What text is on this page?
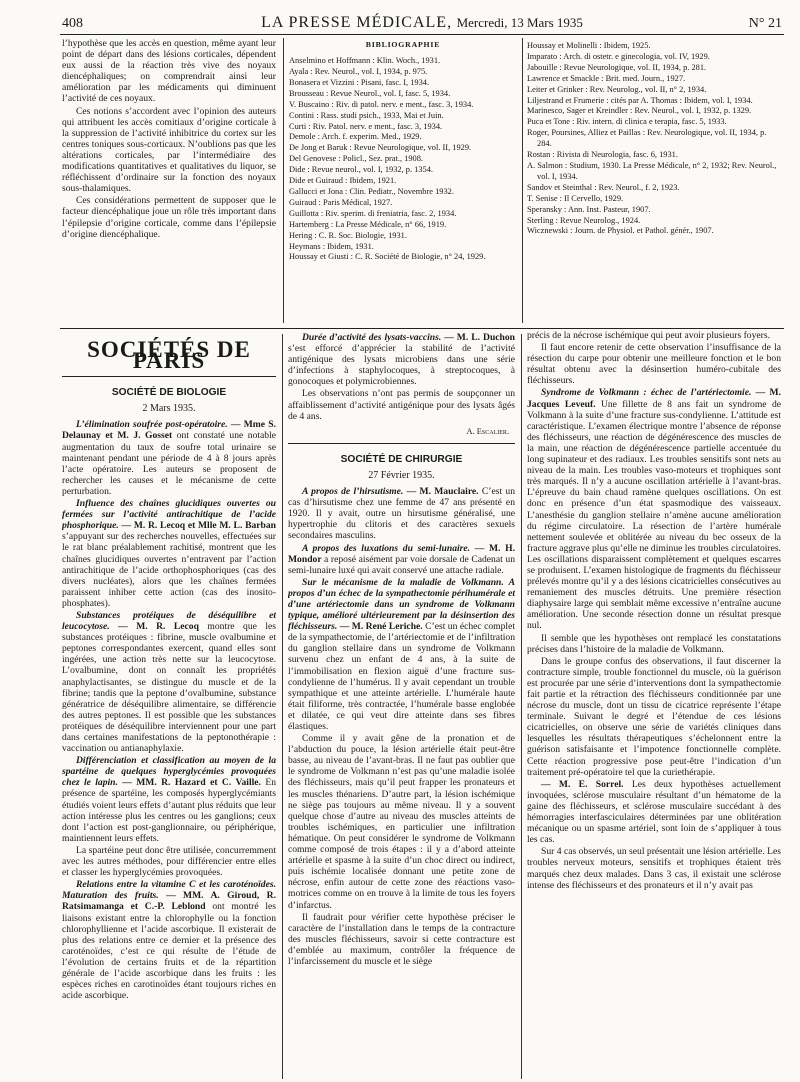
408	LA PRESSE MÉDICALE, Mercredi, 13 Mars 1935	N° 21

l’hypothèse que les accès en question, même ayant leur point de départ dans des lésions corticales, dépendent eux aussi de la réaction très vive des noyaux diencéphaliques; on comprendrait ainsi leur amélioration par les médicaments qui diminuent l’activité de ces noyaux.

Ces notions s’accordent avec l’opinion des auteurs qui attribuent les accès comitiaux d’origine corticale à la suppression de l’activité inhibitrice du cortex sur les centres toniques sous-corticaux. N’oublions pas que les altérations corticales, par l’intermédiaire des modifications quantitatives et qualitatives du liquor, se réfléchissent d’ordinaire sur la fonction des noyaux sous-thalamiques.

Ces considérations permettent de supposer que le facteur diencéphalique joue un rôle très important dans l’épilepsie d’origine corticale, comme dans l’épilepsie d’origine diencéphalique.

BIBLIOGRAPHIE
Anselmino et Hoffmann : Klin. Woch., 1931.
Ayala : Rev. Neurol., vol. I, 1934, p. 975.
Bonasera et Vizzini : Pisani, fasc. I, 1934.
Brousseau : Revue Neurol., vol. I, fasc. 5, 1934.
V. Buscaino : Riv. di patol. nerv. e ment., fasc. 3, 1934.
Contini : Rass. studi psich., 1933, Mai et Juin.
Curti : Riv. Patol. nerv. e ment., fasc. 3, 1934.
Demole : Arch. f. experim. Med., 1929.
De Jong et Baruk : Revue Neurologique, vol. II, 1929.
Del Genovese : Policl., Sez. prat., 1908.
Dide : Revue neurol., vol. I, 1932, p. 1354.
Dide et Guiraud : Ibidem, 1921.
Gallucci et Jona : Clin. Pediatr., Novembre 1932.
Guiraud : Paris Médical, 1927.
Guillotta : Riv. sperim. di freniatria, fasc. 2, 1934.
Hartemberg : La Presse Médicale, n° 66, 1919.
Hering : C. R. Soc. Biologie, 1931.
Heymans : Ibidem, 1931.
Houssay et Giusti : C. R. Société de Biologie, n° 24, 1929.
Houssay et Molinelli : Ibidem, 1925.
Imparato : Arch. di ostetr. e ginecologia, vol. IV, 1929.
Jabouille : Revue Neurologique, vol. II, 1934, p. 281.
Lawrence et Smackle : Brit. med. Journ., 1927.
Leiter et Grinker : Rev. Neurolog., vol. II, n° 2, 1934.
Liljestrand et Frumerie : cités par A. Thomas : Ibidem, vol. I, 1934.
Marinesco, Sager et Kreindler : Rev. Neurol., vol. I, 1932, p. 1329.
Puca et Tone : Riv. intern. di clinica e terapia, fasc. 5, 1933.
Roger, Poursines, Alliez et Paillas : Rev. Neurologique, vol. II, 1934, p. 284.
Rostan : Rivista di Neurologia, fasc. 6, 1931.
A. Salmon : Studium, 1930. La Presse Médicale, n° 2, 1932; Rev. Neurol., vol. I, 1934.
Sandov et Steinthal : Rev. Neurol., f. 2, 1923.
T. Senise : Il Cervello, 1929.
Speransky : Ann. Inst. Pasteur, 1907.
Sterling : Revue Neurolog., 1924.
Wicznewski : Journ. de Physiol. et Pathol. génér., 1907.
SOCIÉTÉS DE PARIS
SOCIÉTÉ DE BIOLOGIE
2 Mars 1935.

L’élimination soufrée post-opératoire. — Mme S. Delaunay et M. J. Gosset ont constaté une notable augmentation du taux de soufre total urinaire se maintenant pendant une période de 4 à 8 jours après l’acte opératoire. Les auteurs se proposent de rechercher les causes et le mécanisme de cette perturbation.

Influence des chaînes glucidiques ouvertes ou fermées sur l’activité antirachitique de l’acide phosphorique. — M. R. Lecoq et Mlle M. L. Barban s’appuyant sur des recherches nouvelles, effectuées sur le rat blanc préalablement rachitisé, montrent que les chaînes glucidiques ouvertes n’entravent par l’action antirachitique de l’acide orthophosphoriques (cas des divers nucléates), alors que les chaînes fermées paraissent inhiber cette action (cas des inosito-phosphates).

Substances protéiques de déséquilibre et leucocytose. — M. R. Lecoq montre que les substances protéiques : fibrine, muscle ovalbumine et peptones correspondantes exercent, quand elles sont ingérées, une action très nette sur la leucocytose. L’ovalbumine, dont on connaît les propriétés anaphylactisantes, se distingue du muscle et de la fibrine; tandis que la peptone d’ovalbumine, substance génératrice de déséquilibre alimentaire, se différencie des autres peptones. Il est possible que les substances protéiques de déséquilibre interviennent pour une part dans certaines manifestations de la peptonothérapie : vaccination ou antianaphylaxie.

Différenciation et classification au moyen de la spartéine de quelques hyperglycémies provoquées chez le lapin. — MM. R. Hazard et C. Vaille. En présence de spartéine, les composés hyperglycémiants étudiés voient leurs effets d’autant plus réduits que leur action intéresse plus les centres ou les ganglions; ceux dont l’action est post-ganglionnaire, ou périphérique, maintiennent leurs effets.

La spartéine peut donc être utilisée, concurremment avec les autres méthodes, pour différencier entre elles et classer les hyperglycémies provoquées.

Relations entre la vitamine C et les caroténoïdes. Maturation des fruits. — MM. A. Giroud, R. Ratsimamanga et C.-P. Leblond ont montré les liaisons existant entre la chlorophylle ou la fonction chlorophyllienne et l’acide ascorbique. Il existerait de plus des relations entre ce dernier et la présence des caroténoïdes, c’est ce qui résulte de l’étude de l’évolution de certains fruits et de la répartition générale de l’acide ascorbique dans les fruits : les espèces riches en carotinoïdes étant toujours riches en acide ascorbique.

Durée d’activité des lysats-vaccins. — M. L. Duchon s’est efforcé d’apprécier la stabilité de l’activité antigénique des lysats microbiens dans une série d’infections à staphylocoques, à streptocoques, à gonocoques et polymicrobiennes.

Les observations n’ont pas permis de soupçonner un affaiblissement d’activité antigénique pour des lysats âgés de 4 ans.

A. Escalier.
SOCIÉTÉ DE CHIRURGIE
27 Février 1935.

A propos de l’hirsutisme. — M. Mauclaire. C’est un cas d’hirsutisme chez une femme de 47 ans présenté en 1920. Il y avait, outre un hirsutisme généralisé, une hypertrophie du clitoris et des caractères sexuels secondaires masculins.

A propos des luxations du semi-lunaire. — M. H. Mondor a reposé aisément par voie dorsale de Cadenat un semi-lunaire luxé qui avait conservé une attache radiale.

Sur le mécanisme de la maladie de Volkmann. A propos d’un échec de la sympathectomie périhumérale et d’une artériectomie dans un syndrome de Volkmann typique, amélioré ultérieurement par la désinsertion des fléchisseurs. — M. René Leriche. C’est un échec complet de la sympathectomie, de l’artériectomie et de l’infiltration du ganglion stellaire dans un syndrome de Volkmann survenu chez un enfant de 4 ans, à la suite de l’immobilisation en flexion aiguë d’une fracture sus-condylienne de l’humérus. Il y avait cependant un trouble sympathique et une atteinte artérielle. L’humérale haute était filiforme, très contractée, l’humérale basse englobée et dilatée, ce qui veut dire atteinte dans ses fibres élastiques.

Comme il y avait gêne de la pronation et de l’abduction du pouce, la lésion artérielle était peut-être basse, au niveau de l’avant-bras. Il ne faut pas oublier que le syndrome de Volkmann n’est pas qu’une maladie isolée des fléchisseurs, mais qu’il peut frapper les pronateurs et les muscles thénariens. D’autre part, la lésion ischémique ne siège pas toujours au même niveau. Il y a souvent quelque chose d’autre au niveau des muscles atteints de troubles ischémiques, en particulier une infiltration hématique. On peut considérer le syndrome de Volkmann comme composé de trois étapes : il y a d’abord atteinte artérielle et spasme à la suite d’un choc direct ou indirect, puis ischémie localisée donnant une petite zone de nécrose, enfin autour de cette zone des réactions vaso-motrices comme on en trouve à la limite de tous les foyers d’infarctus.

Il faudrait pour vérifier cette hypothèse préciser le caractère de l’installation dans le temps de la contracture des muscles fléchisseurs, savoir si cette contracture est d’emblée au maximum, contrôler la fréquence de l’infarcissement du muscle et le siège

précis de la nécrose ischémique qui peut avoir plusieurs foyers.

Il faut encore retenir de cette observation l’insuffisance de la résection du carpe pour obtenir une meilleure fonction et le bon résultat obtenu avec la désinsertion huméro-cubitale des fléchisseurs.

Syndrome de Volkmann : échec de l’artériectomie. — M. Jacques Leveuf. Une fillette de 8 ans fait un syndrome de Volkmann à la suite d’une fracture sus-condylienne. L’attitude est caractéristique. L’examen électrique montre l’absence de réponse des fléchisseurs, une réaction de dégénérescence des muscles de la main, une réaction de dégénérescence partielle accentuée du long supinateur et des radiaux. Les troubles sensitifs sont nets au niveau de la main. Les troubles vaso-moteurs et trophiques sont très marqués. Il n’y a aucune oscillation artérielle à l’avant-bras. L’épreuve du bain chaud ramène quelques oscillations. On est donc en présence d’un état spasmodique des vaisseaux. L’anesthésie du ganglion stellaire n’amène aucune amélioration du régime circulatoire. La résection de l’artère humérale nettement soulevée et oblitérée au niveau du bec osseux de la fracture aggrave plus qu’elle ne diminue les troubles circulatoires. Les oscillations disparaissent complètement et quelques escarres se produisent. L’examen histologique de fragments du fléchisseur prélevés montre qu’il y a des lésions cicatricielles consécutives au remaniement des muscles détruits. Une première résection diaphysaire large qui semblait même excessive n’entraîne aucune amélioration. Une seconde résection donne un résultat presque nul.

Il semble que les hypothèses ont remplacé les constatations précises dans l’histoire de la maladie de Volkmann.

Dans le groupe confus des observations, il faut discerner la contracture simple, trouble fonctionnel du muscle, où la guérison est procurée par une série d’interventions dont la sympathectomie fait partie et la rétraction des fléchisseurs conditionnée par une nécrose du muscle, dont un tissu de cicatrice représente l’étape terminale. Suivant le degré et l’étendue de ces lésions cicatricielles, on observe une série de variétés cliniques dans lesquelles les résultats thérapeutiques s’échelonnent entre la guérison satisfaisante et l’impotence fonctionnelle complète. Cette réaction progressive pose peut-être l’indication d’un traitement pré-opératoire tel que la curiethérapie.

— M. E. Sorrel. Les deux hypothèses actuellement invoquées, sclérose musculaire résultant d’un hématome de la gaine des fléchisseurs, et sclérose musculaire succédant à des hémorragies interfasciculaires déterminées par une oblitération mécanique ou un spasme artériel, sont loin de s’appliquer à tous les cas.

Sur 4 cas observés, un seul présentait une lésion artérielle. Les troubles nerveux moteurs, sensitifs et trophiques étaient très marqués chez deux malades. Dans 3 cas, il existait une sclérose intense des fléchisseurs et des pronateurs et il n’y avait pas
